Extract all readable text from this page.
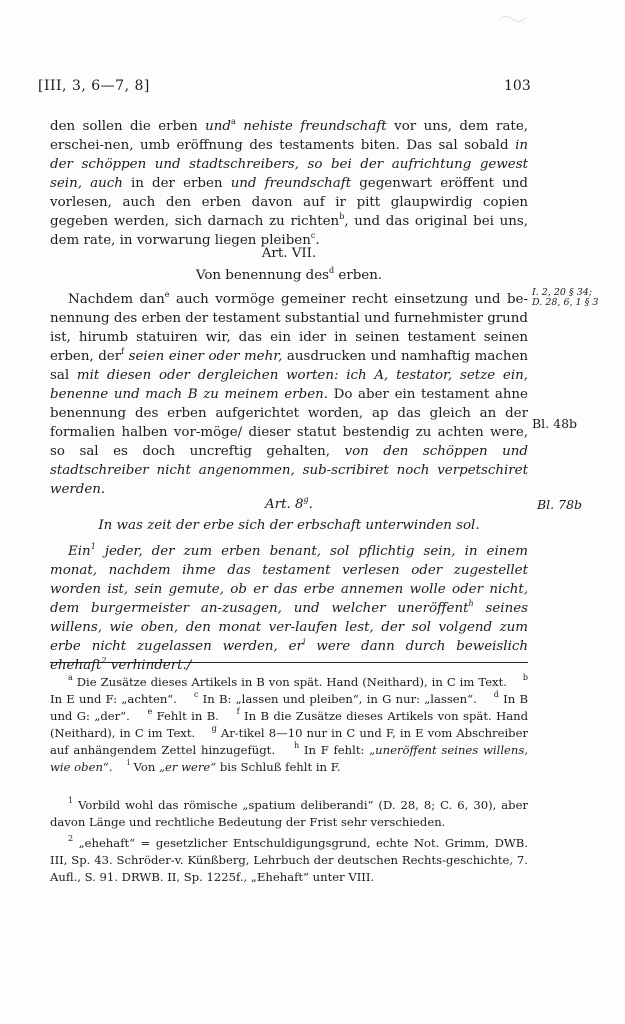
[III, 3, 6—7, 8]	103
den sollen die erben und$^a$ nehiste freundschaft vor uns, dem rate, erschei-nen, umb eröffnung des testaments biten. Das sal sobald in der schöppen und stadtschreibers, so bei der aufrichtung gewest sein, auch in der erben und freundschaft gegenwart eröffent und vorlesen, auch den erben davon auf ir pitt glaupwirdig copien gegeben werden, sich darnach zu richten$^b$, und das original bei uns, dem rate, in vorwarung liegen pleiben$^c$.
Art. VII.
Von benennung des$^d$ erben.
Nachdem dan$^e$ auch vormöge gemeiner recht einsetzung und be-nennung des erben der testament substantial und furnehmister grund ist, hirumb statuiren wir, das ein ider in seinen testament seinen erben, der$^f$ seien einer oder mehr, ausdrucken und namhaftig machen sal mit diesen oder dergleichen worten: ich A, testator, setze ein, benenne und mach B zu meinem erben. Do aber ein testament ahne benennung des erben aufgerichtet worden, ap das gleich an der formalien halben vor-möge/ dieser statut bestendig zu achten were, so sal es doch uncreftig gehalten, von den schöppen und stadtschreiber nicht angenommen, sub-scribiret noch verpetschiret werden.
I. 2, 20 § 34;
D. 28, 6, 1 § 3
Bl. 48b
Art. 8$^g$.	Bl. 78b
In was zeit der erbe sich der erbschaft unterwinden sol.
Ein$^1$ jeder, der zum erben benant, sol pflichtig sein, in einem monat, nachdem ihme das testament verlesen oder zugestellet worden ist, sein gemute, ob er das erbe annemen wolle oder nicht, dem burgermeister an-zusagen, und welcher uneröffent$^h$ seines willens, wie oben, den monat ver-laufen lest, der sol volgend zum erbe nicht zugelassen werden, $er^i$ were dann durch beweislich ehehaft$^2$ verhindert./

$^a$ Die Zusätze dieses Artikels in B von spät. Hand (Neithard), in C im Text. $^b$ In E und F: „achten“. $^c$ In B: „lassen und pleiben“, in G nur: „lassen“. $^d$ In B und G: „der“. $^e$ Fehlt in B. $^f$ In B die Zusätze dieses Artikels von spät. Hand (Neithard), in C im Text. $^g$ Ar-tikel 8—10 nur in C und F, in E vom Abschreiber auf anhängendem Zettel hinzugefügt. $^h$ In F fehlt: „uneröffent seines willens, wie oben“. $^i$ Von „er were“ bis Schluß fehlt in F.

$^1$ Vorbild wohl das römische „spatium deliberandi“ (D. 28, 8; C. 6, 30), aber davon Länge und rechtliche Bedeutung der Frist sehr verschieden.

$^2$ „ehehaft“ = gesetzlicher Entschuldigungsgrund, echte Not. Grimm, DWB. III, Sp. 43. Schröder-v. Künßberg, Lehrbuch der deutschen Rechts-geschichte, 7. Aufl., S. 91. DRWB. II, Sp. 1225f., „Ehehaft“ unter VIII.
